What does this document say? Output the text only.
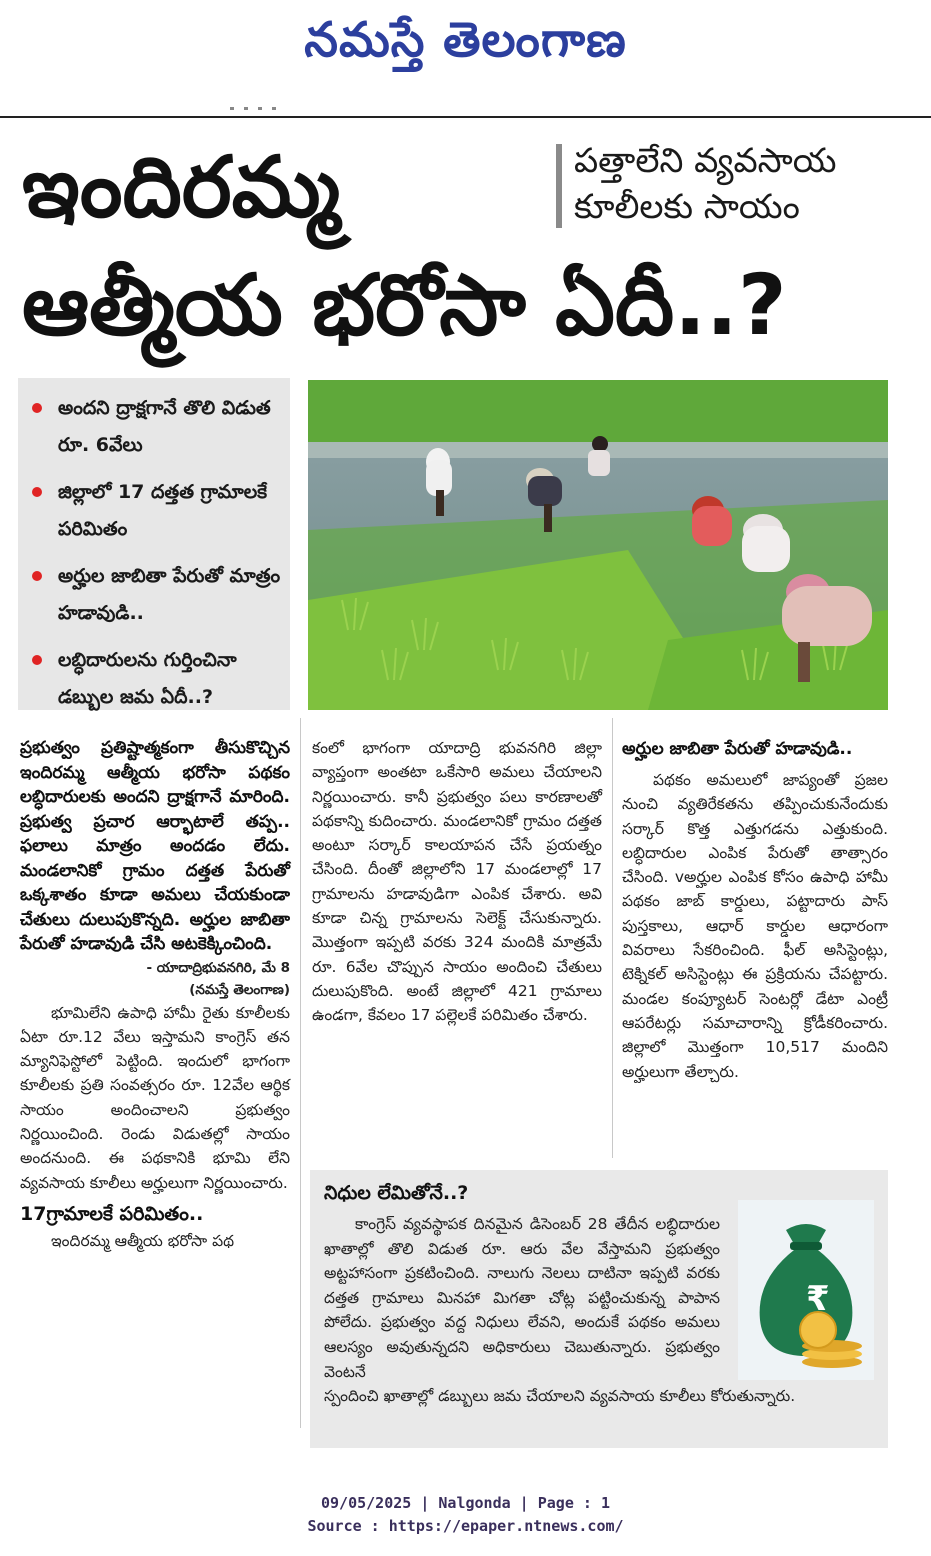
నమస్తే తెలంగాణ
ఇందిరమ్మ	పత్తాలేని వ్యవసాయ కూలీలకు సాయం
ఆత్మీయ భరోసా ఏదీ..?
అందని ద్రాక్షగానే తొలి విడుత రూ. 6వేలు
జిల్లాలో 17 దత్తత గ్రామాలకే పరిమితం
అర్హుల జాబితా పేరుతో మాత్రం హడావుడి..
లబ్ధిదారులను గుర్తించినా డబ్బుల జమ ఏదీ..?
ప్రభుత్వం ప్రతిష్టాత్మకంగా తీసుకొచ్చిన ఇందిరమ్మ ఆత్మీయ భరోసా పథకం లబ్ధిదారులకు అందని ద్రాక్షగానే మారింది. ప్రభుత్వ ప్రచార ఆర్భాటాలే తప్ప.. ఫలాలు మాత్రం అందడం లేదు. మండలానికో గ్రామం దత్తత పేరుతో ఒక్కశాతం కూడా అమలు చేయకుండా చేతులు దులుపుకొన్నది. అర్హుల జాబితా పేరుతో హడావుడి చేసి అటకెక్కించింది.
- యాదాద్రిభువనగిరి, మే 8
(నమస్తే తెలంగాణ)
భూమిలేని ఉపాధి హామీ రైతు కూలీలకు ఏటా రూ.12 వేలు ఇస్తామని కాంగ్రెస్ తన మ్యానిఫెస్టోలో పెట్టింది. ఇందులో భాగంగా కూలీలకు ప్రతి సంవత్సరం రూ. 12వేల ఆర్థిక సాయం అందించాలని ప్రభుత్వం నిర్ణయించింది. రెండు విడుతల్లో సాయం అందనుంది. ఈ పథకానికి భూమి లేని వ్యవసాయ కూలీలు అర్హులుగా నిర్ణయించారు.
17గ్రామాలకే పరిమితం..
ఇందిరమ్మ ఆత్మీయ భరోసా పథ
కంలో భాగంగా యాదాద్రి భువనగిరి జిల్లా వ్యాప్తంగా అంతటా ఒకేసారి అమలు చేయాలని నిర్ణయించారు. కానీ ప్రభుత్వం పలు కారణాలతో పథకాన్ని కుదించారు. మండలానికో గ్రామం దత్తత అంటూ సర్కార్ కాలయాపన చేసే ప్రయత్నం చేసింది. దీంతో జిల్లాలోని 17 మండలాల్లో 17 గ్రామాలను హడావుడిగా ఎంపిక చేశారు. అవి కూడా చిన్న గ్రామాలను సెలెక్ట్ చేసుకున్నారు. మొత్తంగా ఇప్పటి వరకు 324 మందికి మాత్రమే రూ. 6వేల చొప్పున సాయం అందించి చేతులు దులుపుకొంది. అంటే జిల్లాలో 421 గ్రామాలు ఉండగా, కేవలం 17 పల్లెలకే పరిమితం చేశారు.
అర్హుల జాబితా పేరుతో హడావుడి..
పథకం అమలులో జాప్యంతో ప్రజల నుంచి వ్యతిరేకతను తప్పించుకునేందుకు సర్కార్ కొత్త ఎత్తుగడను ఎత్తుకుంది. లబ్ధిదారుల ఎంపిక పేరుతో తాత్సారం చేసింది. vఅర్హుల ఎంపిక కోసం ఉపాధి హామీ పథకం జాబ్ కార్డులు, పట్టాదారు పాస్ పుస్తకాలు, ఆధార్ కార్డుల ఆధారంగా వివరాలు సేకరించింది. ఫీల్ అసిస్టెంట్లు, టెక్నికల్ అసిస్టెంట్లు ఈ ప్రక్రియను చేపట్టారు. మండల కంప్యూటర్ సెంటర్లో డేటా ఎంట్రీ ఆపరేటర్లు సమాచారాన్ని క్రోడీకరించారు. జిల్లాలో మొత్తంగా 10,517 మందిని అర్హులుగా తేల్చారు.
నిధుల లేమితోనే..?
కాంగ్రెస్ వ్యవస్థాపక దినమైన డిసెంబర్ 28 తేదీన లబ్ధిదారుల ఖాతాల్లో తొలి విడుత రూ. ఆరు వేల వేస్తామని ప్రభుత్వం అట్టహాసంగా ప్రకటించింది. నాలుగు నెలలు దాటినా ఇప్పటి వరకు దత్తత గ్రామాలు మినహా మిగతా చోట్ల పట్టించుకున్న పాపాన పోలేదు. ప్రభుత్వం వద్ద నిధులు లేవని, అందుకే పథకం అమలు ఆలస్యం అవుతున్నదని అధికారులు చెబుతున్నారు. ప్రభుత్వం వెంటనే
స్పందించి ఖాతాల్లో డబ్బులు జమ చేయాలని వ్యవసాయ కూలీలు కోరుతున్నారు.
₹
09/05/2025 | Nalgonda | Page : 1
Source : https://epaper.ntnews.com/
